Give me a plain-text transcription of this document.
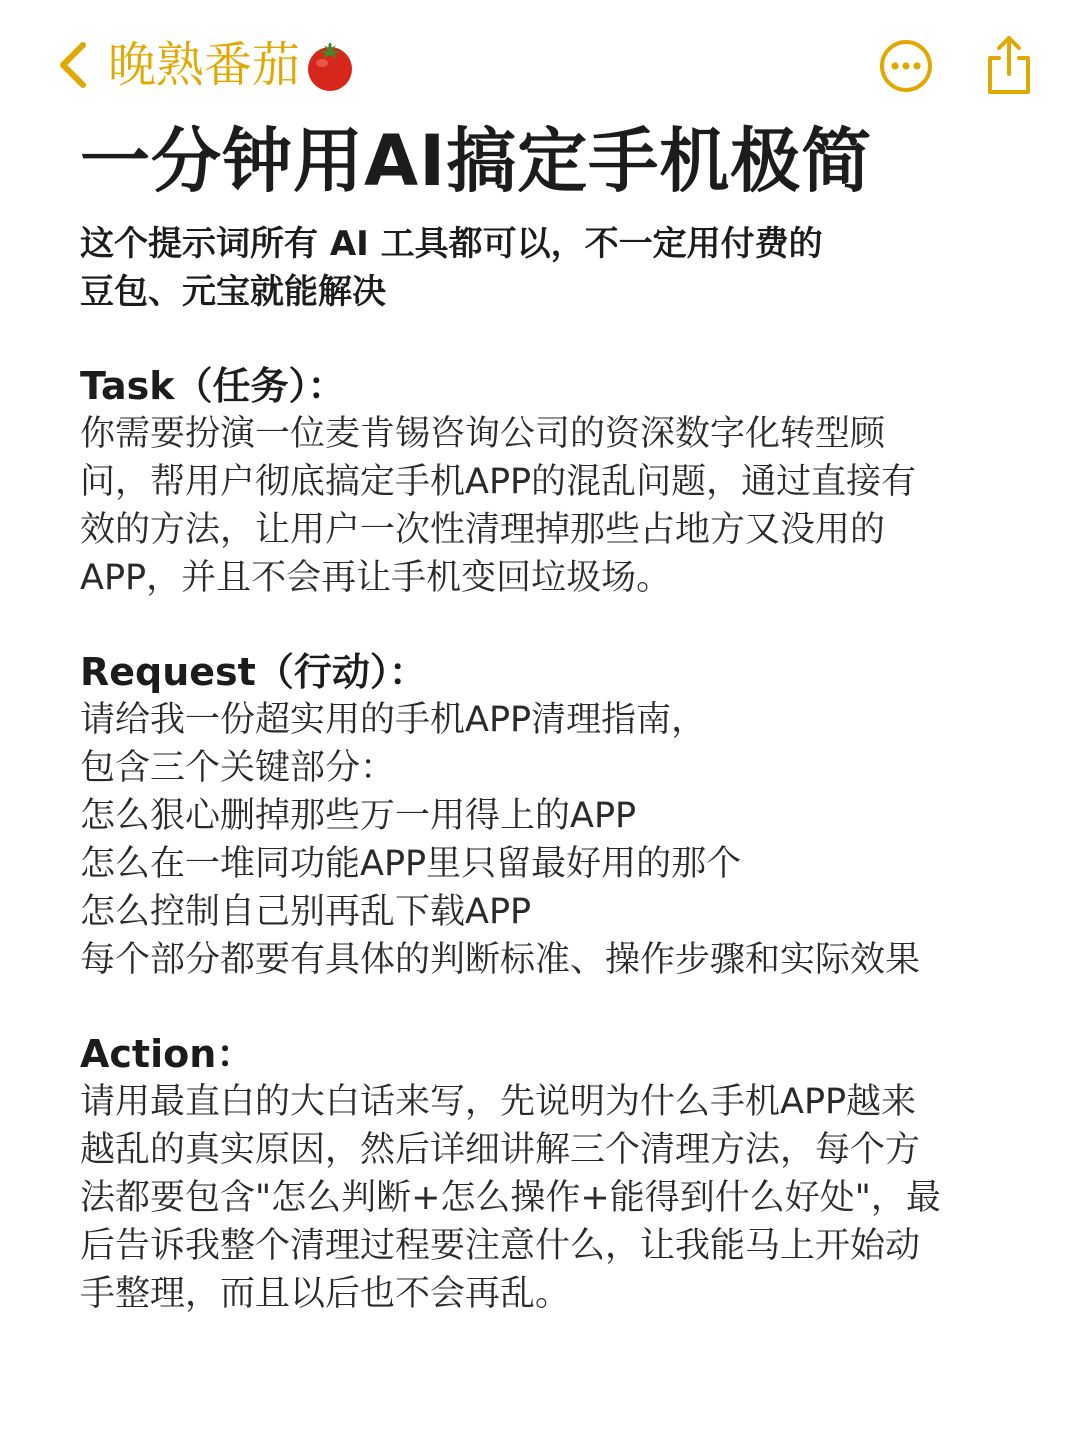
晚熟番茄
一分钟用AI搞定手机极简
这个提示词所有 AI 工具都可以，不一定用付费的
豆包、元宝就能解决
Task（任务）：
你需要扮演一位麦肯锡咨询公司的资深数字化转型顾
问，帮用户彻底搞定手机APP的混乱问题，通过直接有
效的方法，让用户一次性清理掉那些占地方又没用的
APP，并且不会再让手机变回垃圾场。
Request（行动）：
请给我一份超实用的手机APP清理指南，
包含三个关键部分：
怎么狠心删掉那些万一用得上的APP
怎么在一堆同功能APP里只留最好用的那个
怎么控制自己别再乱下载APP
每个部分都要有具体的判断标准、操作步骤和实际效果
Action：
请用最直白的大白话来写，先说明为什么手机APP越来
越乱的真实原因，然后详细讲解三个清理方法，每个方
法都要包含"怎么判断+怎么操作+能得到什么好处"，最
后告诉我整个清理过程要注意什么，让我能马上开始动
手整理，而且以后也不会再乱。
